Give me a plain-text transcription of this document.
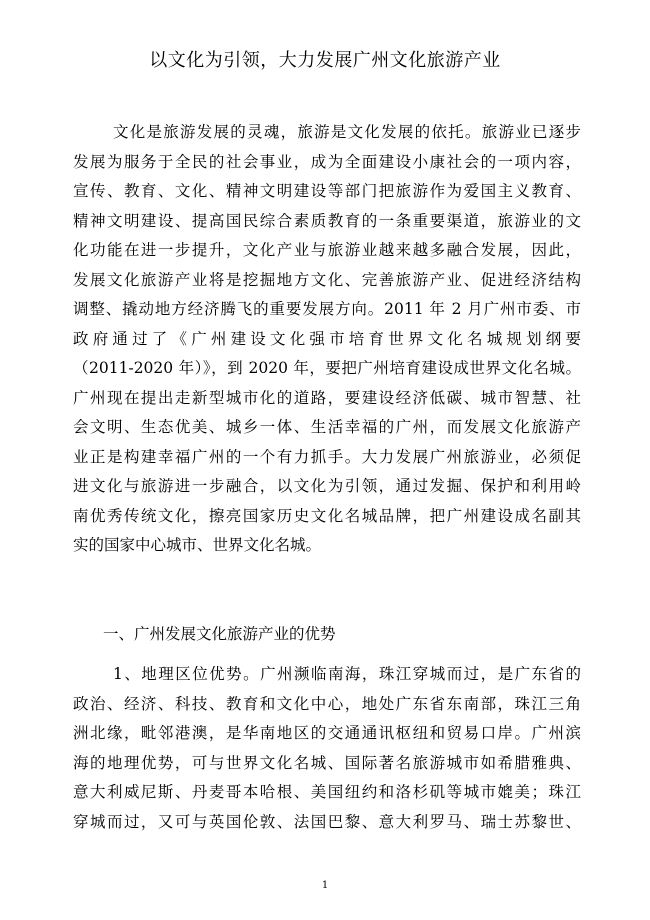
以文化为引领，大力发展广州文化旅游产业
文化是旅游发展的灵魂，旅游是文化发展的依托。旅游业已逐步
发展为服务于全民的社会事业，成为全面建设小康社会的一项内容，
宣传、教育、文化、精神文明建设等部门把旅游作为爱国主义教育、
精神文明建设、提高国民综合素质教育的一条重要渠道，旅游业的文
化功能在进一步提升，文化产业与旅游业越来越多融合发展，因此，
发展文化旅游产业将是挖掘地方文化、完善旅游产业、促进经济结构
调整、撬动地方经济腾飞的重要发展方向。2011 年 2 月广州市委、市
政府通过了《广州建设文化强市培育世界文化名城规划纲要
（2011-2020 年）》，到 2020 年，要把广州培育建设成世界文化名城。
广州现在提出走新型城市化的道路，要建设经济低碳、城市智慧、社
会文明、生态优美、城乡一体、生活幸福的广州，而发展文化旅游产
业正是构建幸福广州的一个有力抓手。大力发展广州旅游业，必须促
进文化与旅游进一步融合，以文化为引领，通过发掘、保护和利用岭
南优秀传统文化，擦亮国家历史文化名城品牌，把广州建设成名副其
实的国家中心城市、世界文化名城。
一、广州发展文化旅游产业的优势
1、地理区位优势。广州濒临南海，珠江穿城而过，是广东省的
政治、经济、科技、教育和文化中心，地处广东省东南部，珠江三角
洲北缘，毗邻港澳，是华南地区的交通通讯枢纽和贸易口岸。广州滨
海的地理优势，可与世界文化名城、国际著名旅游城市如希腊雅典、
意大利威尼斯、丹麦哥本哈根、美国纽约和洛杉矶等城市媲美；珠江
穿城而过，又可与英国伦敦、法国巴黎、意大利罗马、瑞士苏黎世、
1
